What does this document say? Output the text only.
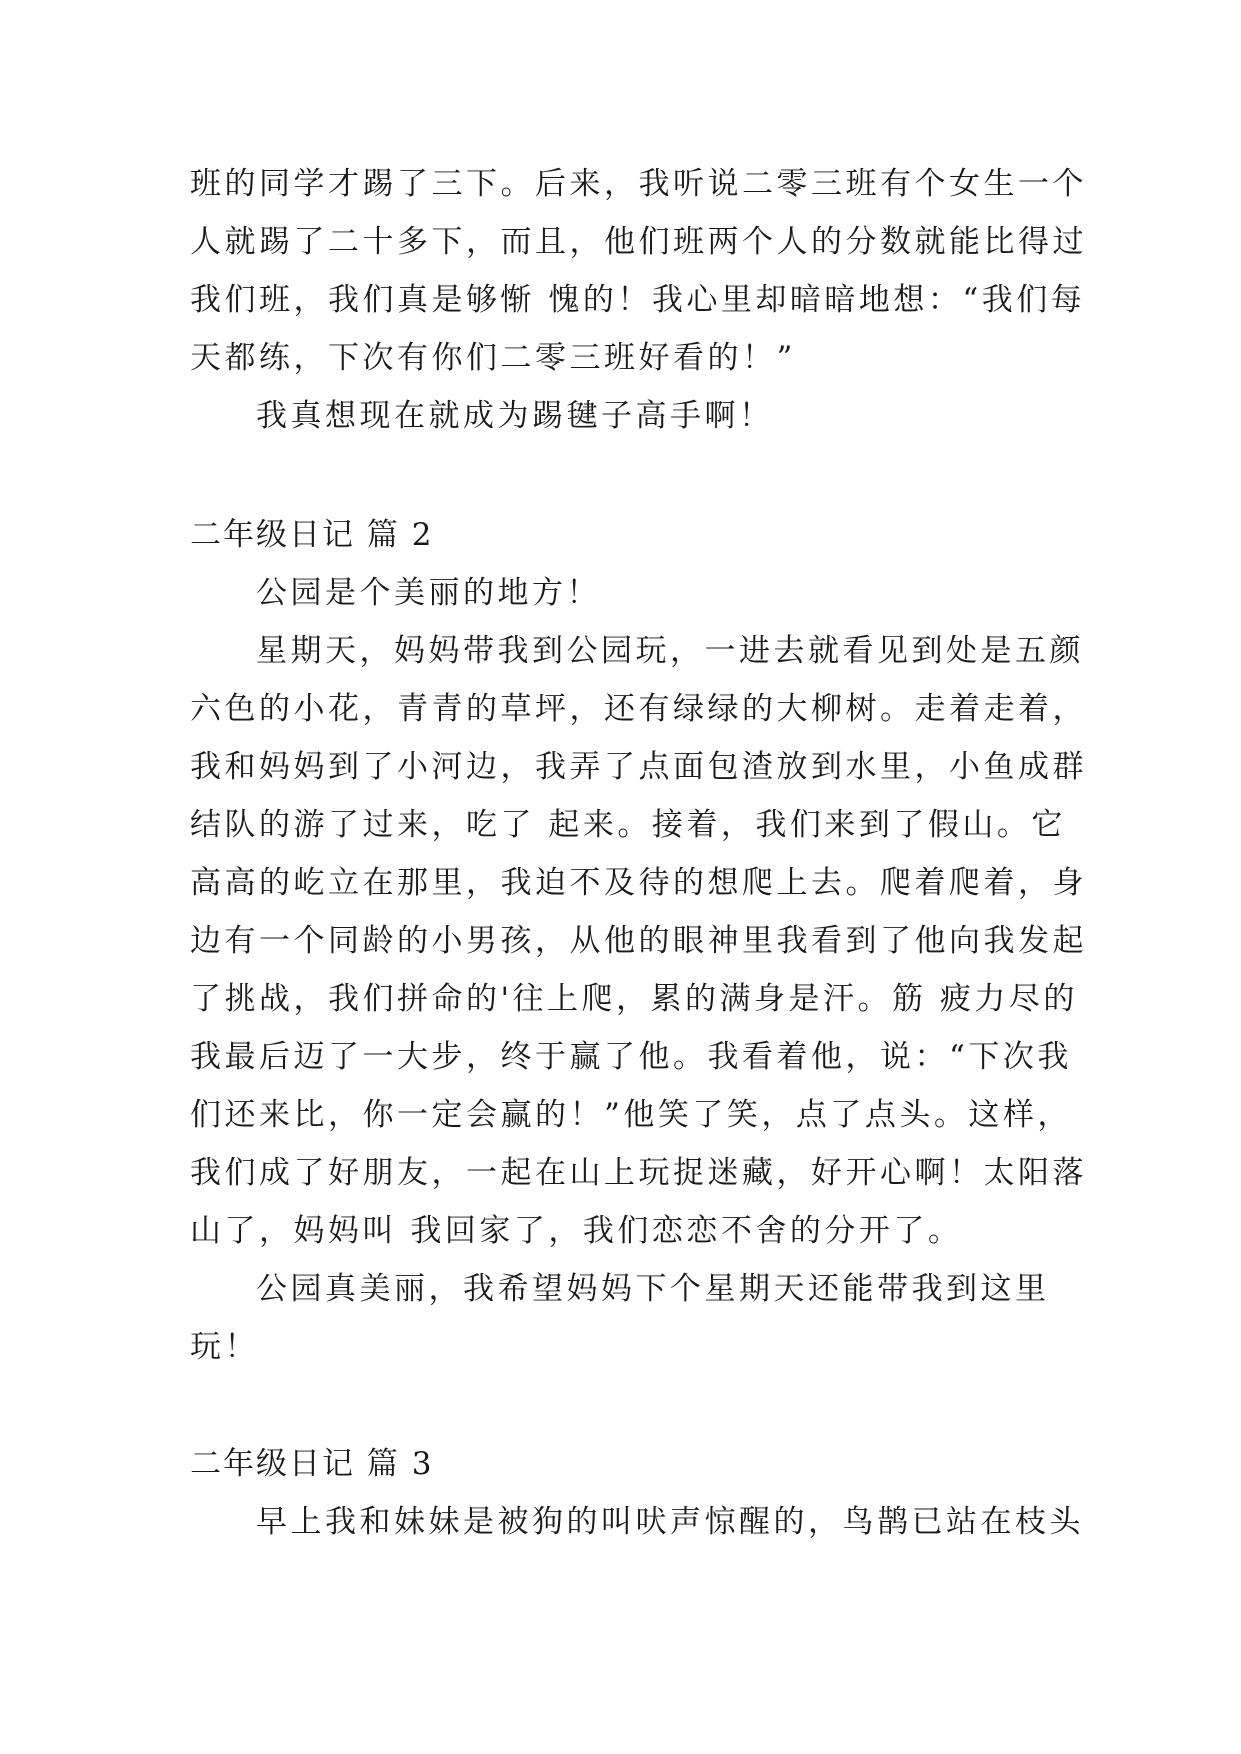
班的同学才踢了三下。后来，我听说二零三班有个女生一个
人就踢了二十多下，而且，他们班两个人的分数就能比得过
我们班，我们真是够惭 愧的！我心里却暗暗地想：“我们每
天都练，下次有你们二零三班好看的！”
我真想现在就成为踢毽子高手啊！
二年级日记 篇 2
公园是个美丽的地方！
星期天，妈妈带我到公园玩，一进去就看见到处是五颜
六色的小花，青青的草坪，还有绿绿的大柳树。走着走着，
我和妈妈到了小河边，我弄了点面包渣放到水里，小鱼成群
结队的游了过来，吃了 起来。接着，我们来到了假山。它
高高的屹立在那里，我迫不及待的想爬上去。爬着爬着，身
边有一个同龄的小男孩，从他的眼神里我看到了他向我发起
了挑战，我们拼命的'往上爬，累的满身是汗。筋 疲力尽的
我最后迈了一大步，终于赢了他。我看着他，说：“下次我
们还来比，你一定会赢的！”他笑了笑，点了点头。这样，
我们成了好朋友，一起在山上玩捉迷藏，好开心啊！太阳落
山了，妈妈叫 我回家了，我们恋恋不舍的分开了。
公园真美丽，我希望妈妈下个星期天还能带我到这里
玩！
二年级日记 篇 3
早上我和妹妹是被狗的叫吠声惊醒的，鸟鹊已站在枝头
